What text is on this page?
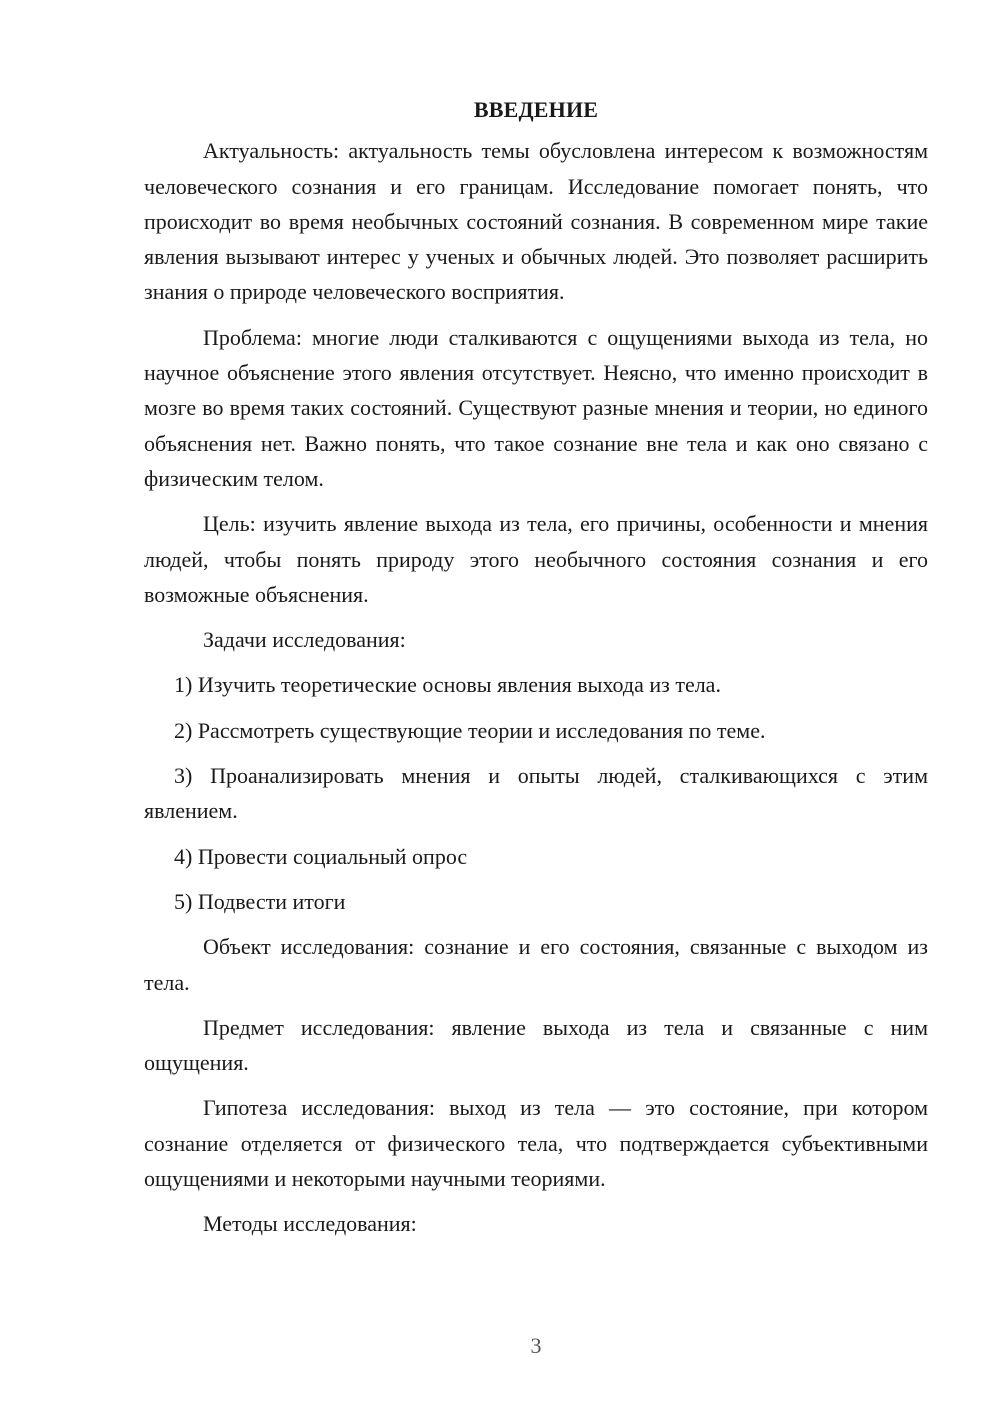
ВВЕДЕНИЕ

Актуальность: актуальность темы обусловлена интересом к возможностям человеческого сознания и его границам. Исследование помогает понять, что происходит во время необычных состояний сознания. В современном мире такие явления вызывают интерес у ученых и обычных людей. Это позволяет расширить знания о природе человеческого восприятия.

Проблема: многие люди сталкиваются с ощущениями выхода из тела, но научное объяснение этого явления отсутствует. Неясно, что именно происходит в мозге во время таких состояний. Существуют разные мнения и теории, но единого объяснения нет. Важно понять, что такое сознание вне тела и как оно связано с физическим телом.

Цель: изучить явление выхода из тела, его причины, особенности и мнения людей, чтобы понять природу этого необычного состояния сознания и его возможные объяснения.

Задачи исследования:

1) Изучить теоретические основы явления выхода из тела.

2) Рассмотреть существующие теории и исследования по теме.

3) Проанализировать мнения и опыты людей, сталкивающихся с этим явлением.

4) Провести социальный опрос

5) Подвести итоги

Объект исследования: сознание и его состояния, связанные с выходом из тела.

Предмет исследования: явление выхода из тела и связанные с ним ощущения.

Гипотеза исследования: выход из тела — это состояние, при котором сознание отделяется от физического тела, что подтверждается субъективными ощущениями и некоторыми научными теориями.

Методы исследования:

3
